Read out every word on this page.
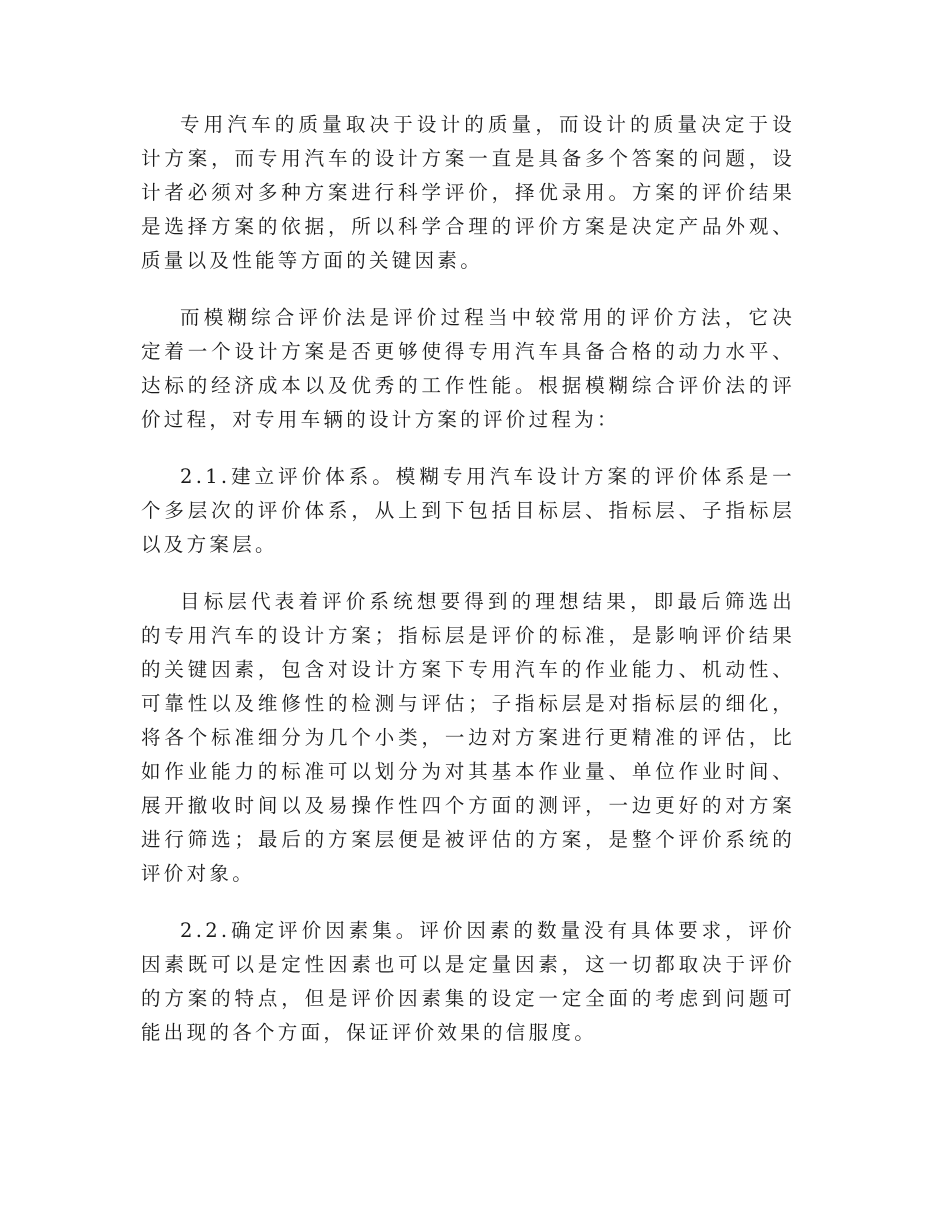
专用汽车的质量取决于设计的质量，而设计的质量决定于设计方案，而专用汽车的设计方案一直是具备多个答案的问题，设计者必须对多种方案进行科学评价，择优录用。方案的评价结果是选择方案的依据，所以科学合理的评价方案是决定产品外观、质量以及性能等方面的关键因素。

而模糊综合评价法是评价过程当中较常用的评价方法，它决定着一个设计方案是否更够使得专用汽车具备合格的动力水平、达标的经济成本以及优秀的工作性能。根据模糊综合评价法的评价过程，对专用车辆的设计方案的评价过程为：

2.1.建立评价体系。模糊专用汽车设计方案的评价体系是一个多层次的评价体系，从上到下包括目标层、指标层、子指标层以及方案层。

目标层代表着评价系统想要得到的理想结果，即最后筛选出的专用汽车的设计方案；指标层是评价的标准，是影响评价结果的关键因素，包含对设计方案下专用汽车的作业能力、机动性、可靠性以及维修性的检测与评估；子指标层是对指标层的细化，将各个标准细分为几个小类，一边对方案进行更精准的评估，比如作业能力的标准可以划分为对其基本作业量、单位作业时间、展开撤收时间以及易操作性四个方面的测评，一边更好的对方案进行筛选；最后的方案层便是被评估的方案，是整个评价系统的评价对象。

2.2.确定评价因素集。评价因素的数量没有具体要求，评价因素既可以是定性因素也可以是定量因素，这一切都取决于评价的方案的特点，但是评价因素集的设定一定全面的考虑到问题可能出现的各个方面，保证评价效果的信服度。
